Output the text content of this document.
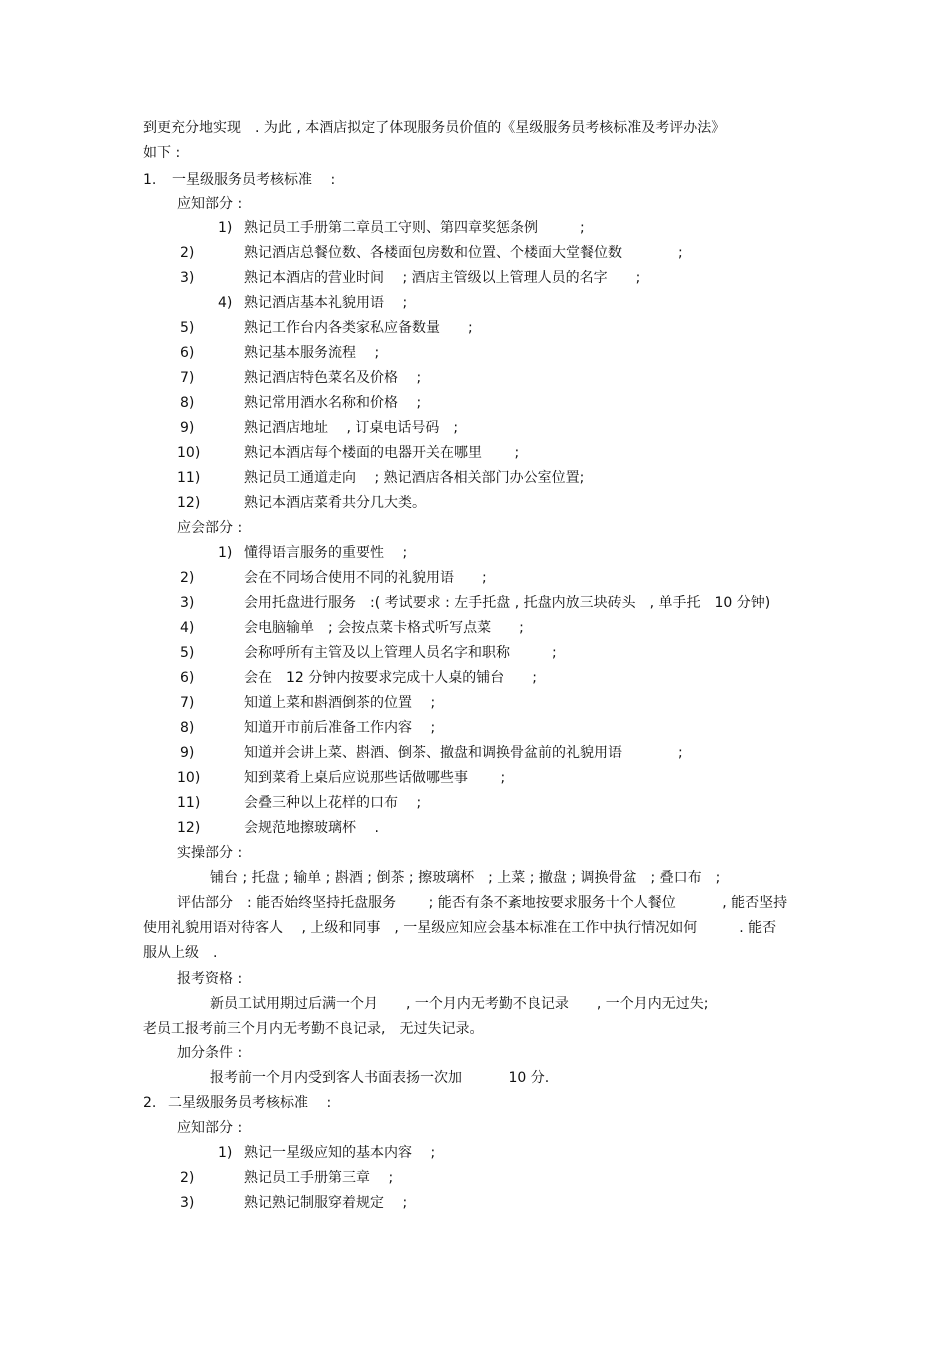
到更充分地实现　. 为此 , 本酒店拟定了体现服务员价值的《星级服务员考核标准及考评办法》
如下 :
1. 一星级服务员考核标准　 :
应知部分 :
1) 熟记员工手册第二章员工守则、第四章奖惩条例　　　;
2)	熟记酒店总餐位数、各楼面包房数和位置、个楼面大堂餐位数　　　　;
3)	熟记本酒店的营业时间　 ; 酒店主管级以上管理人员的名字　　;
4) 熟记酒店基本礼貌用语　 ;
5)	熟记工作台内各类家私应备数量　　;
6)	熟记基本服务流程　 ;
7)	熟记酒店特色菜名及价格　 ;
8)	熟记常用酒水名称和价格　 ;
9)	熟记酒店地址　 , 订桌电话号码　;
10)	熟记本酒店每个楼面的电器开关在哪里　　 ;
11)	熟记员工通道走向　 ; 熟记酒店各相关部门办公室位置;
12)	熟记本酒店菜肴共分几大类。
应会部分 :
1) 懂得语言服务的重要性　 ;
2)	会在不同场合使用不同的礼貌用语　　;
3)	会用托盘进行服务　:( 考试要求 : 左手托盘 , 托盘内放三块砖头　, 单手托　10 分钟)
4)	会电脑输单　; 会按点菜卡格式听写点菜　　;
5)	会称呼所有主管及以上管理人员名字和职称　　　;
6)	会在　12 分钟内按要求完成十人桌的铺台　　;
7)	知道上菜和斟酒倒茶的位置　 ;
8)	知道开市前后准备工作内容　 ;
9)	知道并会讲上菜、斟酒、倒茶、撤盘和调换骨盆前的礼貌用语　　　　;
10)	知到菜肴上桌后应说那些话做哪些事　　 ;
11)	会叠三种以上花样的口布　 ;
12)	会规范地擦玻璃杯　 .
实操部分 :
铺台 ; 托盘 ; 输单 ; 斟酒 ; 倒茶 ; 擦玻璃杯　; 上菜 ; 撤盘 ; 调换骨盆　; 叠口布　;
评估部分　: 能否始终坚持托盘服务　　 ; 能否有条不紊地按要求服务十个人餐位　　　 , 能否坚持
使用礼貌用语对待客人　 , 上级和同事　, 一星级应知应会基本标准在工作中执行情况如何　　　. 能否
服从上级　.
报考资格 :
新员工试用期过后满一个月　　, 一个月内无考勤不良记录　　, 一个月内无过失;
老员工报考前三个月内无考勤不良记录,　无过失记录。
加分条件 :
报考前一个月内受到客人书面表扬一次加　　　 10 分.
2. 二星级服务员考核标准　 :
应知部分 :
1) 熟记一星级应知的基本内容　 ;
2)	熟记员工手册第三章　 ;
3)	熟记熟记制服穿着规定　 ;
